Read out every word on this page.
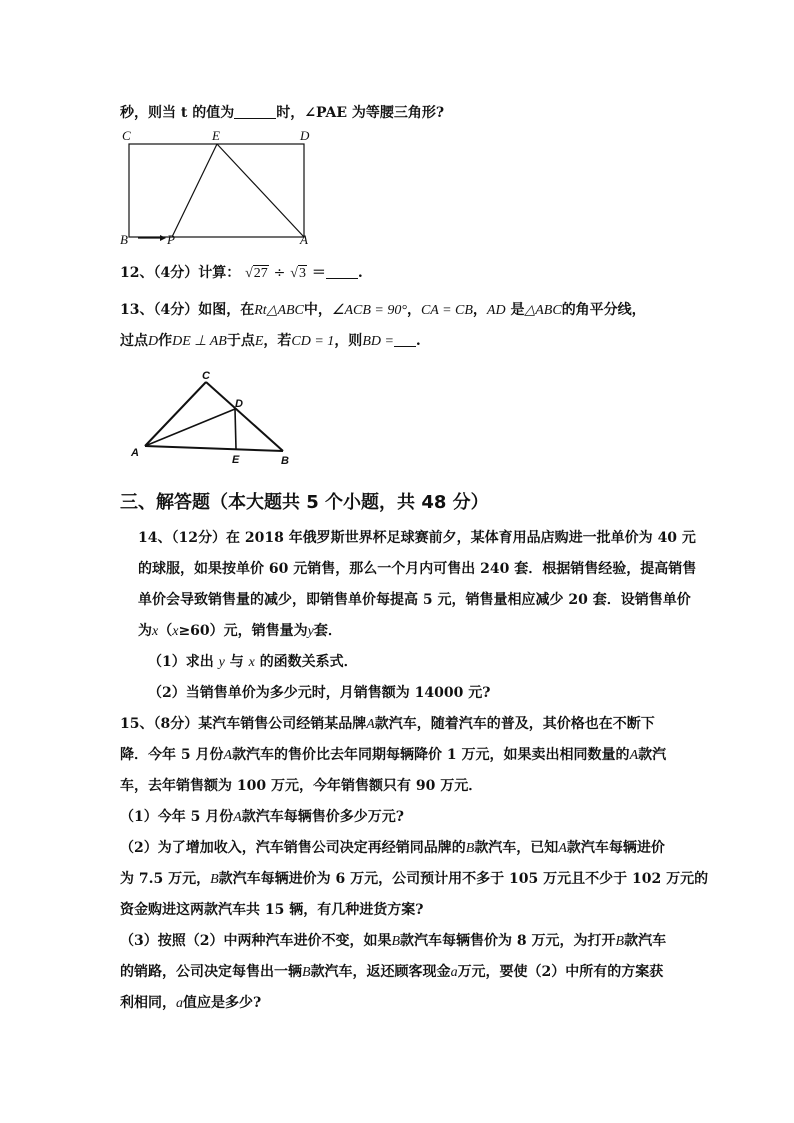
秒，则当 t 的值为	时，∠PAE 为等腰三角形?
C	E	D
B	P	A
12、（4分）计算： √27 ÷ √3 ＝ .
13、（4分）如图，在Rt△ABC中，∠ACB = 90°，CA = CB，AD 是△ABC的角平分线，
过点D作DE ⊥ AB于点E，若CD = 1，则BD = .
C
D
A
E	B
三、解答题（本大题共 5 个小题，共 48 分）
14、（12分）在 2018 年俄罗斯世界杯足球赛前夕，某体育用品店购进一批单价为 40 元
的球服，如果按单价 60 元销售，那么一个月内可售出 240 套．根据销售经验，提高销售
单价会导致销售量的减少，即销售单价每提高 5 元，销售量相应减少 20 套．设销售单价
为x（x≥60）元，销售量为y套．
（1）求出 y 与 x 的函数关系式．
（2）当销售单价为多少元时，月销售额为 14000 元?
15、（8分）某汽车销售公司经销某品牌A款汽车，随着汽车的普及，其价格也在不断下
降．今年 5 月份A款汽车的售价比去年同期每辆降价 1 万元，如果卖出相同数量的A款汽
车，去年销售额为 100 万元，今年销售额只有 90 万元．
（1）今年 5 月份A款汽车每辆售价多少万元?
（2）为了增加收入，汽车销售公司决定再经销同品牌的B款汽车，已知A款汽车每辆进价
为 7.5 万元，B款汽车每辆进价为 6 万元，公司预计用不多于 105 万元且不少于 102 万元的
资金购进这两款汽车共 15 辆，有几种进货方案?
（3）按照（2）中两种汽车进价不变，如果B款汽车每辆售价为 8 万元，为打开B款汽车
的销路，公司决定每售出一辆B款汽车，返还顾客现金a万元，要使（2）中所有的方案获
利相同，a值应是多少?
